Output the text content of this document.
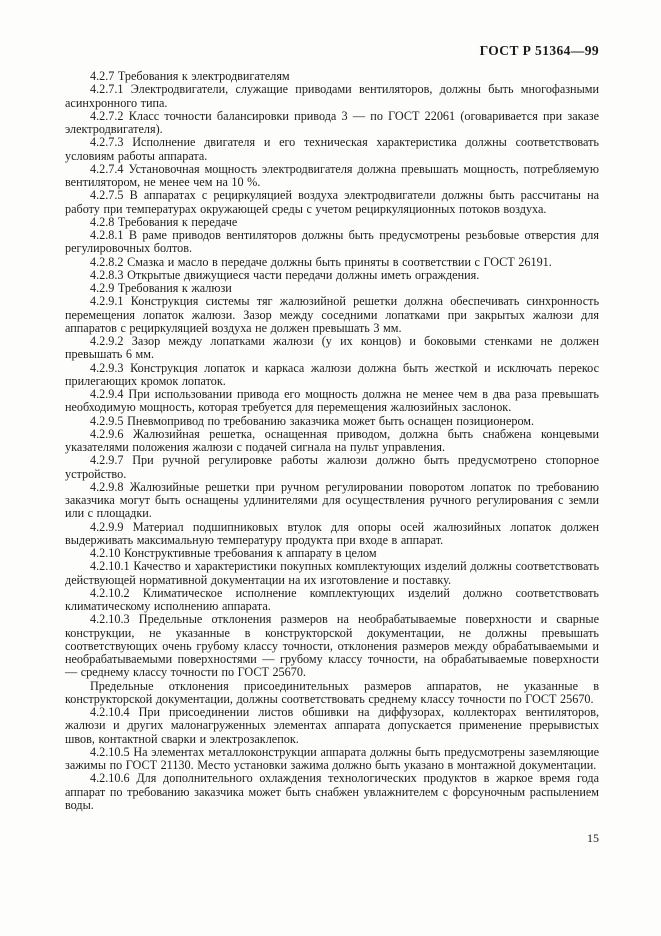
ГОСТ Р 51364—99

4.2.7 Требования к электродвигателям

4.2.7.1 Электродвигатели, служащие приводами вентиляторов, должны быть многофазными асинхронного типа.

4.2.7.2 Класс точности балансировки привода 3 — по ГОСТ 22061 (оговаривается при заказе электродвигателя).

4.2.7.3 Исполнение двигателя и его техническая характеристика должны соответствовать условиям работы аппарата.

4.2.7.4 Установочная мощность электродвигателя должна превышать мощность, потребляемую вентилятором, не менее чем на 10 %.

4.2.7.5 В аппаратах с рециркуляцией воздуха электродвигатели должны быть рассчитаны на работу при температурах окружающей среды с учетом рециркуляционных потоков воздуха.

4.2.8 Требования к передаче

4.2.8.1 В раме приводов вентиляторов должны быть предусмотрены резьбовые отверстия для регулировочных болтов.

4.2.8.2 Смазка и масло в передаче должны быть приняты в соответствии с ГОСТ 26191.

4.2.8.3 Открытые движущиеся части передачи должны иметь ограждения.

4.2.9 Требования к жалюзи

4.2.9.1 Конструкция системы тяг жалюзийной решетки должна обеспечивать синхронность перемещения лопаток жалюзи. Зазор между соседними лопатками при закрытых жалюзи для аппаратов с рециркуляцией воздуха не должен превышать 3 мм.

4.2.9.2 Зазор между лопатками жалюзи (у их концов) и боковыми стенками не должен превышать 6 мм.

4.2.9.3 Конструкция лопаток и каркаса жалюзи должна быть жесткой и исключать перекос прилегающих кромок лопаток.

4.2.9.4 При использовании привода его мощность должна не менее чем в два раза превышать необходимую мощность, которая требуется для перемещения жалюзийных заслонок.

4.2.9.5 Пневмопривод по требованию заказчика может быть оснащен позиционером.

4.2.9.6 Жалюзийная решетка, оснащенная приводом, должна быть снабжена концевыми указателями положения жалюзи с подачей сигнала на пульт управления.

4.2.9.7 При ручной регулировке работы жалюзи должно быть предусмотрено стопорное устройство.

4.2.9.8 Жалюзийные решетки при ручном регулировании поворотом лопаток по требованию заказчика могут быть оснащены удлинителями для осуществления ручного регулирования с земли или с площадки.

4.2.9.9 Материал подшипниковых втулок для опоры осей жалюзийных лопаток должен выдерживать максимальную температуру продукта при входе в аппарат.

4.2.10 Конструктивные требования к аппарату в целом

4.2.10.1 Качество и характеристики покупных комплектующих изделий должны соответствовать действующей нормативной документации на их изготовление и поставку.

4.2.10.2 Климатическое исполнение комплектующих изделий должно соответствовать климатическому исполнению аппарата.

4.2.10.3 Предельные отклонения размеров на необрабатываемые поверхности и сварные конструкции, не указанные в конструкторской документации, не должны превышать соответствующих очень грубому классу точности, отклонения размеров между обрабатываемыми и необрабатываемыми поверхностями — грубому классу точности, на обрабатываемые поверхности — среднему классу точности по ГОСТ 25670.

Предельные отклонения присоединительных размеров аппаратов, не указанные в конструкторской документации, должны соответствовать среднему классу точности по ГОСТ 25670.

4.2.10.4 При присоединении листов обшивки на диффузорах, коллекторах вентиляторов, жалюзи и других малонагруженных элементах аппарата допускается применение прерывистых швов, контактной сварки и электрозаклепок.

4.2.10.5 На элементах металлоконструкции аппарата должны быть предусмотрены заземляющие зажимы по ГОСТ 21130. Место установки зажима должно быть указано в монтажной документации.

4.2.10.6 Для дополнительного охлаждения технологических продуктов в жаркое время года аппарат по требованию заказчика может быть снабжен увлажнителем с форсуночным распылением воды.

15
